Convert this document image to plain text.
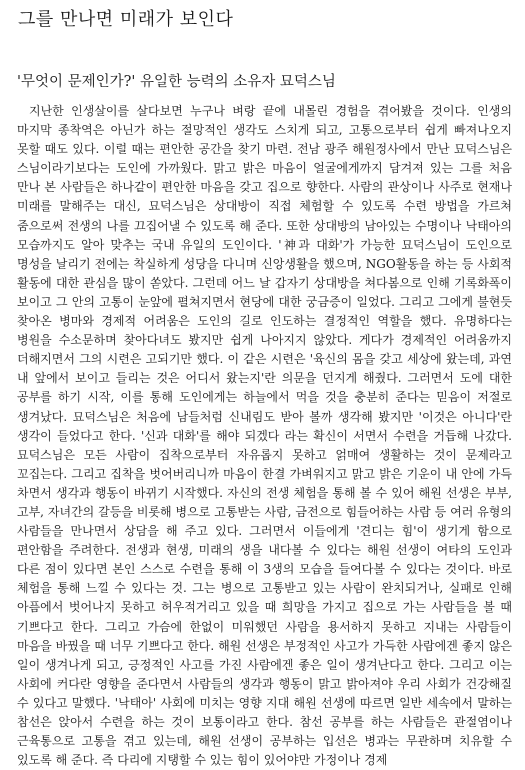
그를 만나면 미래가 보인다
'무엇이 문제인가?' 유일한 능력의 소유자 묘덕스님

지난한 인생살이를 살다보면 누구나 벼랑 끝에 내몰린 경험을 겪어봤을 것이다. 인생의 마지막 종착역은 아닌가 하는 절망적인 생각도 스치게 되고, 고통으로부터 쉽게 빠져나오지 못할 때도 있다. 이럴 때는 편안한 공간을 찾기 마련. 전남 광주 해원정사에서 만난 묘덕스님은 스님이라기보다는 도인에 가까웠다. 맑고 밝은 마음이 얼굴에게까지 담겨져 있는 그를 처음 만나 본 사람들은 하나같이 편안한 마음을 갖고 집으로 향한다. 사람의 관상이나 사주로 현재나 미래를 말해주는 대신, 묘덕스님은 상대방이 직접 체험할 수 있도록 수련 방법을 가르쳐 줌으로써 전생의 나를 끄집어낼 수 있도록 해 준다. 또한 상대방의 남아있는 수명이나 낙태아의 모습까지도 알아 맞추는 국내 유일의 도인이다. '神과 대화'가 가능한 묘덕스님이 도인으로 명성을 날리기 전에는 착실하게 성당을 다니며 신앙생활을 했으며, NGO활동을 하는 등 사회적 활동에 대한 관심을 많이 쏟았다. 그런데 어느 날 갑자기 상대방을 쳐다봄으로 인해 기록화폭이 보이고 그 안의 고통이 눈앞에 펼쳐지면서 현당에 대한 궁금증이 일었다. 그리고 그에게 불현듯 찾아온 병마와 경제적 어려움은 도인의 길로 인도하는 결정적인 역할을 했다. 유명하다는 병원을 수소문하며 찾아다녀도 봤지만 쉽게 나아지지 않았다. 게다가 경제적인 어려움까지 더해지면서 그의 시련은 고되기만 했다. 이 같은 시련은 '육신의 몸을 갖고 세상에 왔는데, 과연 내 앞에서 보이고 들리는 것은 어디서 왔는지'란 의문을 던지게 해줬다. 그러면서 도에 대한 공부를 하기 시작, 이를 통해 도인에게는 하늘에서 먹을 것을 충분히 준다는 믿음이 저절로 생겨났다. 묘덕스님은 처음에 남들처럼 신내림도 받아 볼까 생각해 봤지만 '이것은 아니다'란 생각이 들었다고 한다. '신과 대화'를 해야 되겠다 라는 확신이 서면서 수련을 거듭해 나갔다. 묘덕스님은 모든 사람이 집착으로부터 자유롭지 못하고 얽매여 생활하는 것이 문제라고 꼬집는다. 그리고 집착을 벗어버리니까 마음이 한결 가벼워지고 맑고 밝은 기운이 내 안에 가득 차면서 생각과 행동이 바뀌기 시작했다. 자신의 전생 체험을 통해 볼 수 있어 해원 선생은 부부, 고부, 자녀간의 갈등을 비롯해 병으로 고통받는 사람, 금전으로 힘들어하는 사람 등 여러 유형의 사람들을 만나면서 상담을 해 주고 있다. 그러면서 이들에게 '견디는 힘'이 생기게 함으로 편안함을 주려한다. 전생과 현생, 미래의 생을 내다볼 수 있다는 해원 선생이 여타의 도인과 다른 점이 있다면 본인 스스로 수련을 통해 이 3생의 모습을 들여다볼 수 있다는 것이다. 바로 체험을 통해 느낄 수 있다는 것. 그는 병으로 고통받고 있는 사람이 완치되거나, 실패로 인해 아픔에서 벗어나지 못하고 허우적거리고 있을 때 희망을 가지고 집으로 가는 사람들을 볼 때 기쁘다고 한다. 그리고 가슴에 한없이 미워했던 사람을 용서하지 못하고 지내는 사람들이 마음을 바꿨을 때 너무 기쁘다고 한다. 해원 선생은 부정적인 사고가 가득한 사람에겐 좋지 않은 일이 생겨나게 되고, 긍정적인 사고를 가진 사람에겐 좋은 일이 생겨난다고 한다. 그리고 이는 사회에 커다란 영향을 준다면서 사람들의 생각과 행동이 맑고 밝아져야 우리 사회가 건강해질 수 있다고 말했다. '낙태아' 사회에 미치는 영향 지대 해원 선생에 따르면 일반 세속에서 말하는 참선은 앉아서 수련을 하는 것이 보통이라고 한다. 참선 공부를 하는 사람들은 관절염이나 근육통으로 고통을 겪고 있는데, 해원 선생이 공부하는 입선은 병과는 무관하며 치유할 수 있도록 해 준다. 즉 다리에 지탱할 수 있는 힘이 있어야만 가정이나 경제
